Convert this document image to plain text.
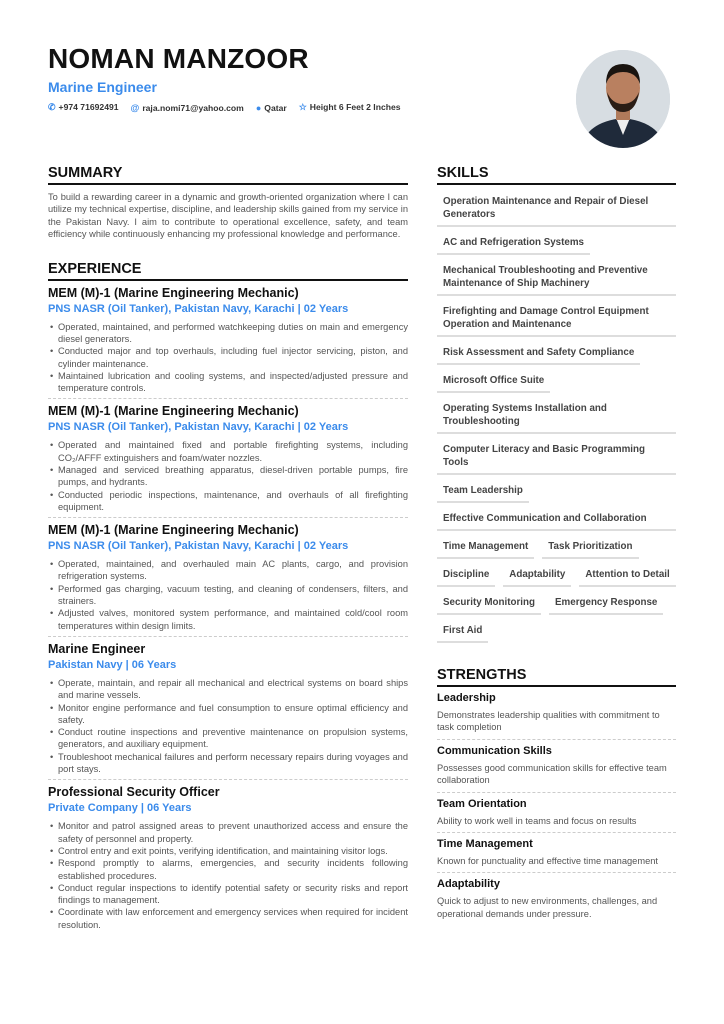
NOMAN MANZOOR
Marine Engineer
✆ +974 71692491 @ raja.nomi71@yahoo.com ● Qatar ☆ Height 6 Feet 2 Inches
SUMMARY

To build a rewarding career in a dynamic and growth-oriented organization where I can utilize my technical expertise, discipline, and leadership skills gained from my service in the Pakistan Navy. I aim to contribute to operational excellence, safety, and team efficiency while continuously enhancing my professional knowledge and performance.

EXPERIENCE
MEM (M)-1 (Marine Engineering Mechanic)
PNS NASR (Oil Tanker), Pakistan Navy, Karachi | 02 Years
• Operated, maintained, and performed watchkeeping duties on main and emergency diesel generators.
• Conducted major and top overhauls, including fuel injector servicing, piston, and cylinder maintenance.
• Maintained lubrication and cooling systems, and inspected/adjusted pressure and temperature controls.
MEM (M)-1 (Marine Engineering Mechanic)
PNS NASR (Oil Tanker), Pakistan Navy, Karachi | 02 Years
• Operated and maintained fixed and portable firefighting systems, including CO₂/AFFF extinguishers and foam/water nozzles.
• Managed and serviced breathing apparatus, diesel-driven portable pumps, fire pumps, and hydrants.
• Conducted periodic inspections, maintenance, and overhauls of all firefighting equipment.
MEM (M)-1 (Marine Engineering Mechanic)
PNS NASR (Oil Tanker), Pakistan Navy, Karachi | 02 Years
• Operated, maintained, and overhauled main AC plants, cargo, and provision refrigeration systems.
• Performed gas charging, vacuum testing, and cleaning of condensers, filters, and strainers.
• Adjusted valves, monitored system performance, and maintained cold/cool room temperatures within design limits.
Marine Engineer
Pakistan Navy | 06 Years
• Operate, maintain, and repair all mechanical and electrical systems on board ships and marine vessels.
• Monitor engine performance and fuel consumption to ensure optimal efficiency and safety.
• Conduct routine inspections and preventive maintenance on propulsion systems, generators, and auxiliary equipment.
• Troubleshoot mechanical failures and perform necessary repairs during voyages and port stays.
Professional Security Officer
Private Company | 06 Years
• Monitor and patrol assigned areas to prevent unauthorized access and ensure the safety of personnel and property.
• Control entry and exit points, verifying identification, and maintaining visitor logs.
• Respond promptly to alarms, emergencies, and security incidents following established procedures.
• Conduct regular inspections to identify potential safety or security risks and report findings to management.
• Coordinate with law enforcement and emergency services when required for incident resolution.
SKILLS
Operation Maintenance and Repair of Diesel Generators
AC and Refrigeration Systems
Mechanical Troubleshooting and Preventive Maintenance of Ship Machinery
Firefighting and Damage Control Equipment Operation and Maintenance
Risk Assessment and Safety Compliance
Microsoft Office Suite
Operating Systems Installation and Troubleshooting
Computer Literacy and Basic Programming Tools
Team Leadership
Effective Communication and Collaboration
Time Management	Task Prioritization
Discipline	Adaptability	Attention to Detail
Security Monitoring	Emergency Response
First Aid
STRENGTHS
Leadership
Demonstrates leadership qualities with commitment to task completion
Communication Skills
Possesses good communication skills for effective team collaboration
Team Orientation
Ability to work well in teams and focus on results
Time Management
Known for punctuality and effective time management
Adaptability
Quick to adjust to new environments, challenges, and operational demands under pressure.
